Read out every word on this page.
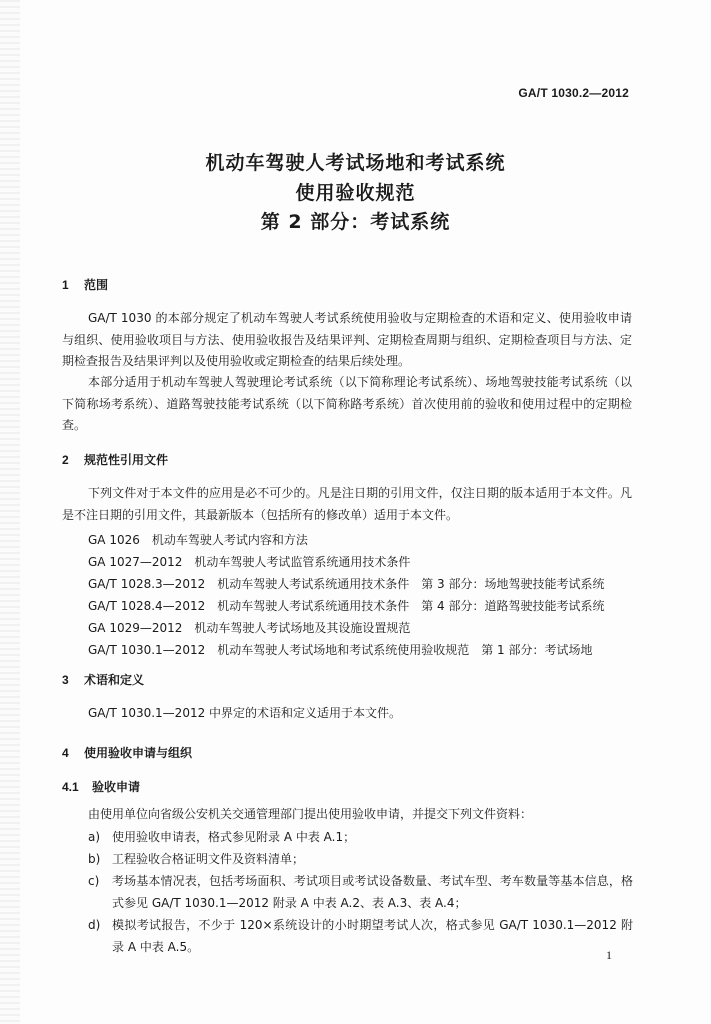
GA/T 1030.2—2012
机动车驾驶人考试场地和考试系统
使用验收规范
第 2 部分：考试系统
1 范围
GA/T 1030 的本部分规定了机动车驾驶人考试系统使用验收与定期检查的术语和定义、使用验收申请与组织、使用验收项目与方法、使用验收报告及结果评判、定期检查周期与组织、定期检查项目与方法、定期检查报告及结果评判以及使用验收或定期检查的结果后续处理。
本部分适用于机动车驾驶人驾驶理论考试系统（以下简称理论考试系统）、场地驾驶技能考试系统（以下简称场考系统）、道路驾驶技能考试系统（以下简称路考系统）首次使用前的验收和使用过程中的定期检查。
2 规范性引用文件
下列文件对于本文件的应用是必不可少的。凡是注日期的引用文件，仅注日期的版本适用于本文件。凡是不注日期的引用文件，其最新版本（包括所有的修改单）适用于本文件。
GA 1026　机动车驾驶人考试内容和方法
GA 1027—2012　机动车驾驶人考试监管系统通用技术条件
GA/T 1028.3—2012　机动车驾驶人考试系统通用技术条件　第 3 部分：场地驾驶技能考试系统
GA/T 1028.4—2012　机动车驾驶人考试系统通用技术条件　第 4 部分：道路驾驶技能考试系统
GA 1029—2012　机动车驾驶人考试场地及其设施设置规范
GA/T 1030.1—2012　机动车驾驶人考试场地和考试系统使用验收规范　第 1 部分：考试场地
3 术语和定义
GA/T 1030.1—2012 中界定的术语和定义适用于本文件。
4 使用验收申请与组织
4.1 验收申请
由使用单位向省级公安机关交通管理部门提出使用验收申请，并提交下列文件资料：
a) 使用验收申请表，格式参见附录 A 中表 A.1；
b) 工程验收合格证明文件及资料清单；
c) 考场基本情况表，包括考场面积、考试项目或考试设备数量、考试车型、考车数量等基本信息，格式参见 GA/T 1030.1—2012 附录 A 中表 A.2、表 A.3、表 A.4；
d) 模拟考试报告，不少于 120×系统设计的小时期望考试人次，格式参见 GA/T 1030.1—2012 附录 A 中表 A.5。
1
